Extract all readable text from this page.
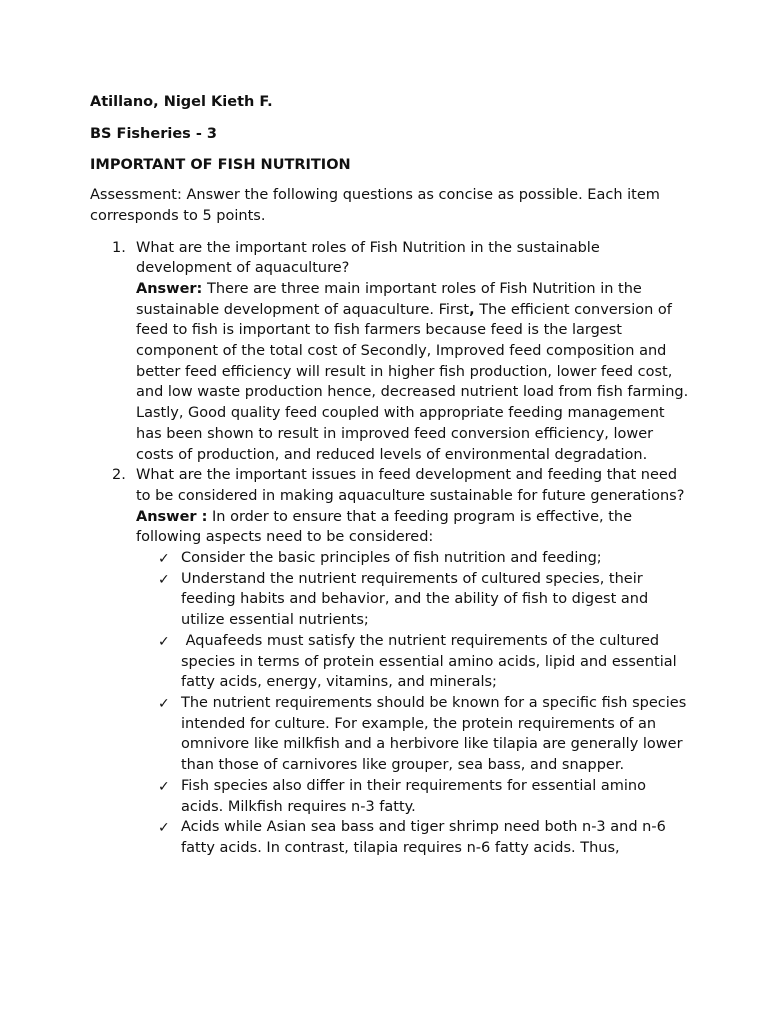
Atillano, Nigel Kieth F.

BS Fisheries - 3

IMPORTANT OF FISH NUTRITION

Assessment: Answer the following questions as concise as possible. Each item corresponds to 5 points.

1. What are the important roles of Fish Nutrition in the sustainable development of aquaculture?

Answer: There are three main important roles of Fish Nutrition in the sustainable development of aquaculture. First, The efficient conversion of feed to fish is important to fish farmers because feed is the largest component of the total cost of Secondly, Improved feed composition and better feed efficiency will result in higher fish production, lower feed cost, and low waste production hence, decreased nutrient load from fish farming. Lastly, Good quality feed coupled with appropriate feeding management has been shown to result in improved feed conversion efficiency, lower costs of production, and reduced levels of environmental degradation.

2. What are the important issues in feed development and feeding that need to be considered in making aquaculture sustainable for future generations?

Answer : In order to ensure that a feeding program is effective, the following aspects need to be considered:

✓ Consider the basic principles of fish nutrition and feeding;
✓ Understand the nutrient requirements of cultured species, their feeding habits and behavior, and the ability of fish to digest and utilize essential nutrients;
✓ Aquafeeds must satisfy the nutrient requirements of the cultured species in terms of protein essential amino acids, lipid and essential fatty acids, energy, vitamins, and minerals;
✓ The nutrient requirements should be known for a specific fish species intended for culture. For example, the protein requirements of an omnivore like milkfish and a herbivore like tilapia are generally lower than those of carnivores like grouper, sea bass, and snapper.
✓ Fish species also differ in their requirements for essential amino acids. Milkfish requires n-3 fatty.
✓ Acids while Asian sea bass and tiger shrimp need both n-3 and n-6 fatty acids. In contrast, tilapia requires n-6 fatty acids. Thus,
